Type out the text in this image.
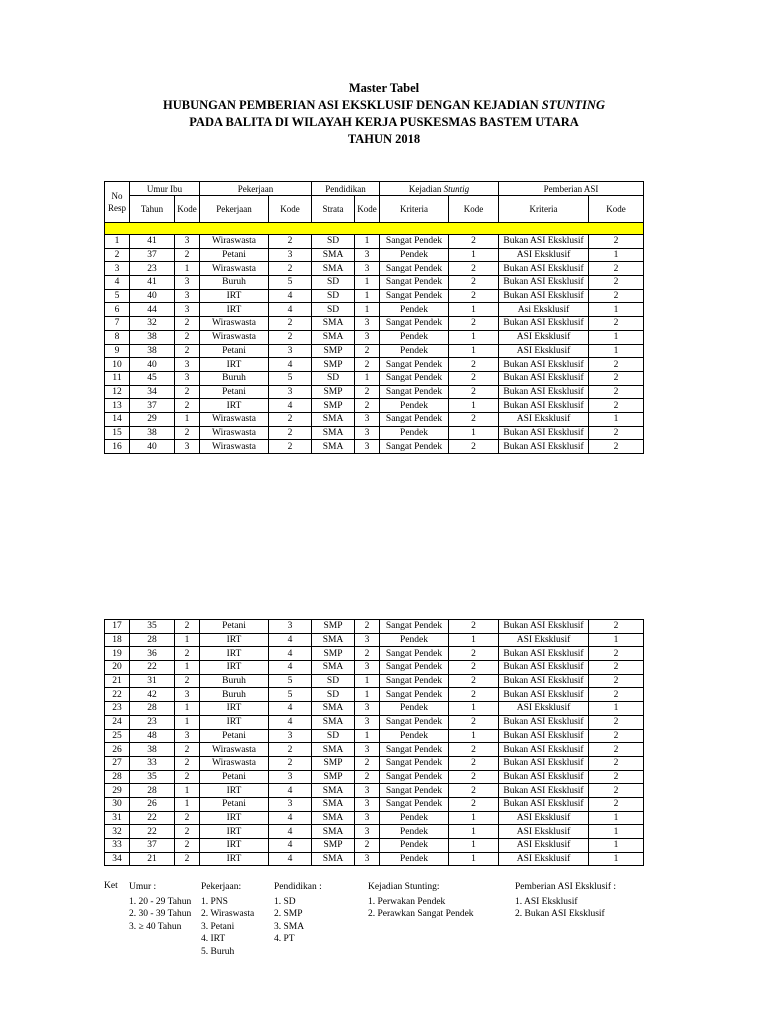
Master Tabel
HUBUNGAN PEMBERIAN ASI EKSKLUSIF DENGAN KEJADIAN STUNTING
PADA BALITA DI WILAYAH KERJA PUSKESMAS BASTEM UTARA
TAHUN 2018
No
Resp	Umur Ibu		Pekerjaan		Pendidikan		Kejadian Stuntig		Pemberian ASI	
	Tahun	Kode	Pekerjaan	Kode	Strata	Kode	Kriteria	Kode	Kriteria	Kode

1	41	3	Wiraswasta	2	SD	1	Sangat Pendek	2	Bukan ASI Eksklusif	2
2	37	2	Petani	3	SMA	3	Pendek	1	ASI Eksklusif	1
3	23	1	Wiraswasta	2	SMA	3	Sangat Pendek	2	Bukan ASI Eksklusif	2
4	41	3	Buruh	5	SD	1	Sangat Pendek	2	Bukan ASI Eksklusif	2
5	40	3	IRT	4	SD	1	Sangat Pendek	2	Bukan ASI Eksklusif	2
6	44	3	IRT	4	SD	1	Pendek	1	Asi Eksklusif	1
7	32	2	Wiraswasta	2	SMA	3	Sangat Pendek	2	Bukan ASI Eksklusif	2
8	38	2	Wiraswasta	2	SMA	3	Pendek	1	ASI Eksklusif	1
9	38	2	Petani	3	SMP	2	Pendek	1	ASI Eksklusif	1
10	40	3	IRT	4	SMP	2	Sangat Pendek	2	Bukan ASI Eksklusif	2
11	45	3	Buruh	5	SD	1	Sangat Pendek	2	Bukan ASI Eksklusif	2
12	34	2	Petani	3	SMP	2	Sangat Pendek	2	Bukan ASI Eksklusif	2
13	37	2	IRT	4	SMP	2	Pendek	1	Bukan ASI Eksklusif	2
14	29	1	Wiraswasta	2	SMA	3	Sangat Pendek	2	ASI Eksklusif	1
15	38	2	Wiraswasta	2	SMA	3	Pendek	1	Bukan ASI Eksklusif	2
16	40	3	Wiraswasta	2	SMA	3	Sangat Pendek	2	Bukan ASI Eksklusif	2
17	35	2	Petani	3	SMP	2	Sangat Pendek	2	Bukan ASI Eksklusif	2
18	28	1	IRT	4	SMA	3	Pendek	1	ASI Eksklusif	1
19	36	2	IRT	4	SMP	2	Sangat Pendek	2	Bukan ASI Eksklusif	2
20	22	1	IRT	4	SMA	3	Sangat Pendek	2	Bukan ASI Eksklusif	2
21	31	2	Buruh	5	SD	1	Sangat Pendek	2	Bukan ASI Eksklusif	2
22	42	3	Buruh	5	SD	1	Sangat Pendek	2	Bukan ASI Eksklusif	2
23	28	1	IRT	4	SMA	3	Pendek	1	ASI Eksklusif	1
24	23	1	IRT	4	SMA	3	Sangat Pendek	2	Bukan ASI Eksklusif	2
25	48	3	Petani	3	SD	1	Pendek	1	Bukan ASI Eksklusif	2
26	38	2	Wiraswasta	2	SMA	3	Sangat Pendek	2	Bukan ASI Eksklusif	2
27	33	2	Wiraswasta	2	SMP	2	Sangat Pendek	2	Bukan ASI Eksklusif	2
28	35	2	Petani	3	SMP	2	Sangat Pendek	2	Bukan ASI Eksklusif	2
29	28	1	IRT	4	SMA	3	Sangat Pendek	2	Bukan ASI Eksklusif	2
30	26	1	Petani	3	SMA	3	Sangat Pendek	2	Bukan ASI Eksklusif	2
31	22	2	IRT	4	SMA	3	Pendek	1	ASI Eksklusif	1
32	22	2	IRT	4	SMA	3	Pendek	1	ASI Eksklusif	1
33	37	2	IRT	4	SMP	2	Pendek	1	ASI Eksklusif	1
34	21	2	IRT	4	SMA	3	Pendek	1	ASI Eksklusif	1
Ket Umur :
1. 20 - 29 Tahun
2. 30 - 39 Tahun
3. ≥ 40 Tahun
Pekerjaan:
1. PNS
2. Wiraswasta
3. Petani
4. IRT
5. Buruh
Pendidikan :
1. SD
2. SMP
3. SMA
4. PT
Kejadian Stunting:
1. Perwakan Pendek
2. Perawkan Sangat Pendek
Pemberian ASI Eksklusif :
1. ASI Eksklusif
2. Bukan ASI Eksklusif
